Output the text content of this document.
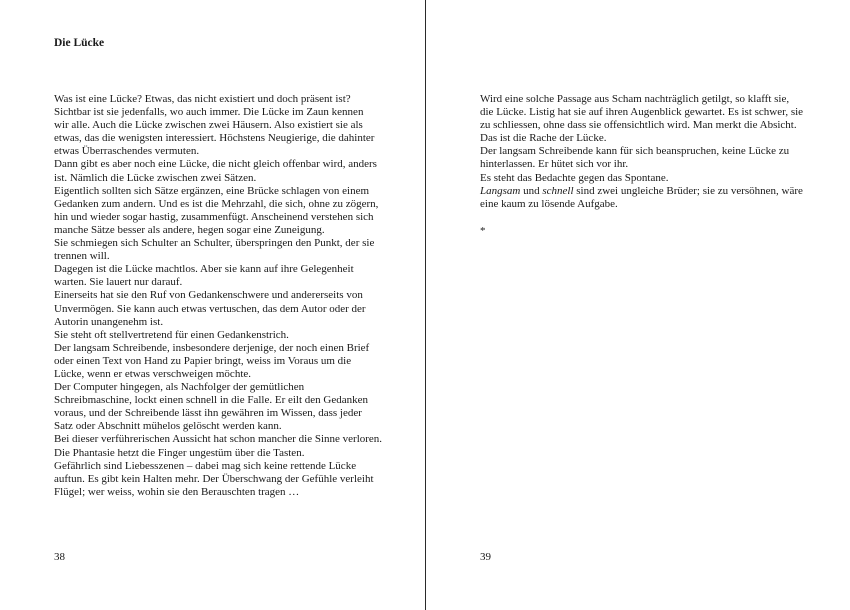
Die Lücke
Was ist eine Lücke? Etwas, das nicht existiert und doch präsent ist?
Sichtbar ist sie jedenfalls, wo auch immer. Die Lücke im Zaun kennen
wir alle. Auch die Lücke zwischen zwei Häusern. Also existiert sie als
etwas, das die wenigsten interessiert. Höchstens Neugierige, die dahinter
etwas Überraschendes vermuten.
Dann gibt es aber noch eine Lücke, die nicht gleich offenbar wird, anders
ist. Nämlich die Lücke zwischen zwei Sätzen.
Eigentlich sollten sich Sätze ergänzen, eine Brücke schlagen von einem
Gedanken zum andern. Und es ist die Mehrzahl, die sich, ohne zu zögern,
hin und wieder sogar hastig, zusammenfügt. Anscheinend verstehen sich
manche Sätze besser als andere, hegen sogar eine Zuneigung.
Sie schmiegen sich Schulter an Schulter, überspringen den Punkt, der sie
trennen will.
Dagegen ist die Lücke machtlos. Aber sie kann auf ihre Gelegenheit
warten. Sie lauert nur darauf.
Einerseits hat sie den Ruf von Gedankenschwere und andererseits von
Unvermögen. Sie kann auch etwas vertuschen, das dem Autor oder der
Autorin unangenehm ist.
Sie steht oft stellvertretend für einen Gedankenstrich.
Der langsam Schreibende, insbesondere derjenige, der noch einen Brief
oder einen Text von Hand zu Papier bringt, weiss im Voraus um die
Lücke, wenn er etwas verschweigen möchte.
Der Computer hingegen, als Nachfolger der gemütlichen
Schreibmaschine, lockt einen schnell in die Falle. Er eilt den Gedanken
voraus, und der Schreibende lässt ihn gewähren im Wissen, dass jeder
Satz oder Abschnitt mühelos gelöscht werden kann.
Bei dieser verführerischen Aussicht hat schon mancher die Sinne verloren.
Die Phantasie hetzt die Finger ungestüm über die Tasten.
Gefährlich sind Liebesszenen – dabei mag sich keine rettende Lücke
auftun. Es gibt kein Halten mehr. Der Überschwang der Gefühle verleiht
Flügel; wer weiss, wohin sie den Berauschten tragen …
38
Wird eine solche Passage aus Scham nachträglich getilgt, so klafft sie,
die Lücke. Listig hat sie auf ihren Augenblick gewartet. Es ist schwer, sie
zu schliessen, ohne dass sie offensichtlich wird. Man merkt die Absicht.
Das ist die Rache der Lücke.
Der langsam Schreibende kann für sich beanspruchen, keine Lücke zu
hinterlassen. Er hütet sich vor ihr.
Es steht das Bedachte gegen das Spontane.
Langsam und schnell sind zwei ungleiche Brüder; sie zu versöhnen, wäre
eine kaum zu lösende Aufgabe.
*
39
